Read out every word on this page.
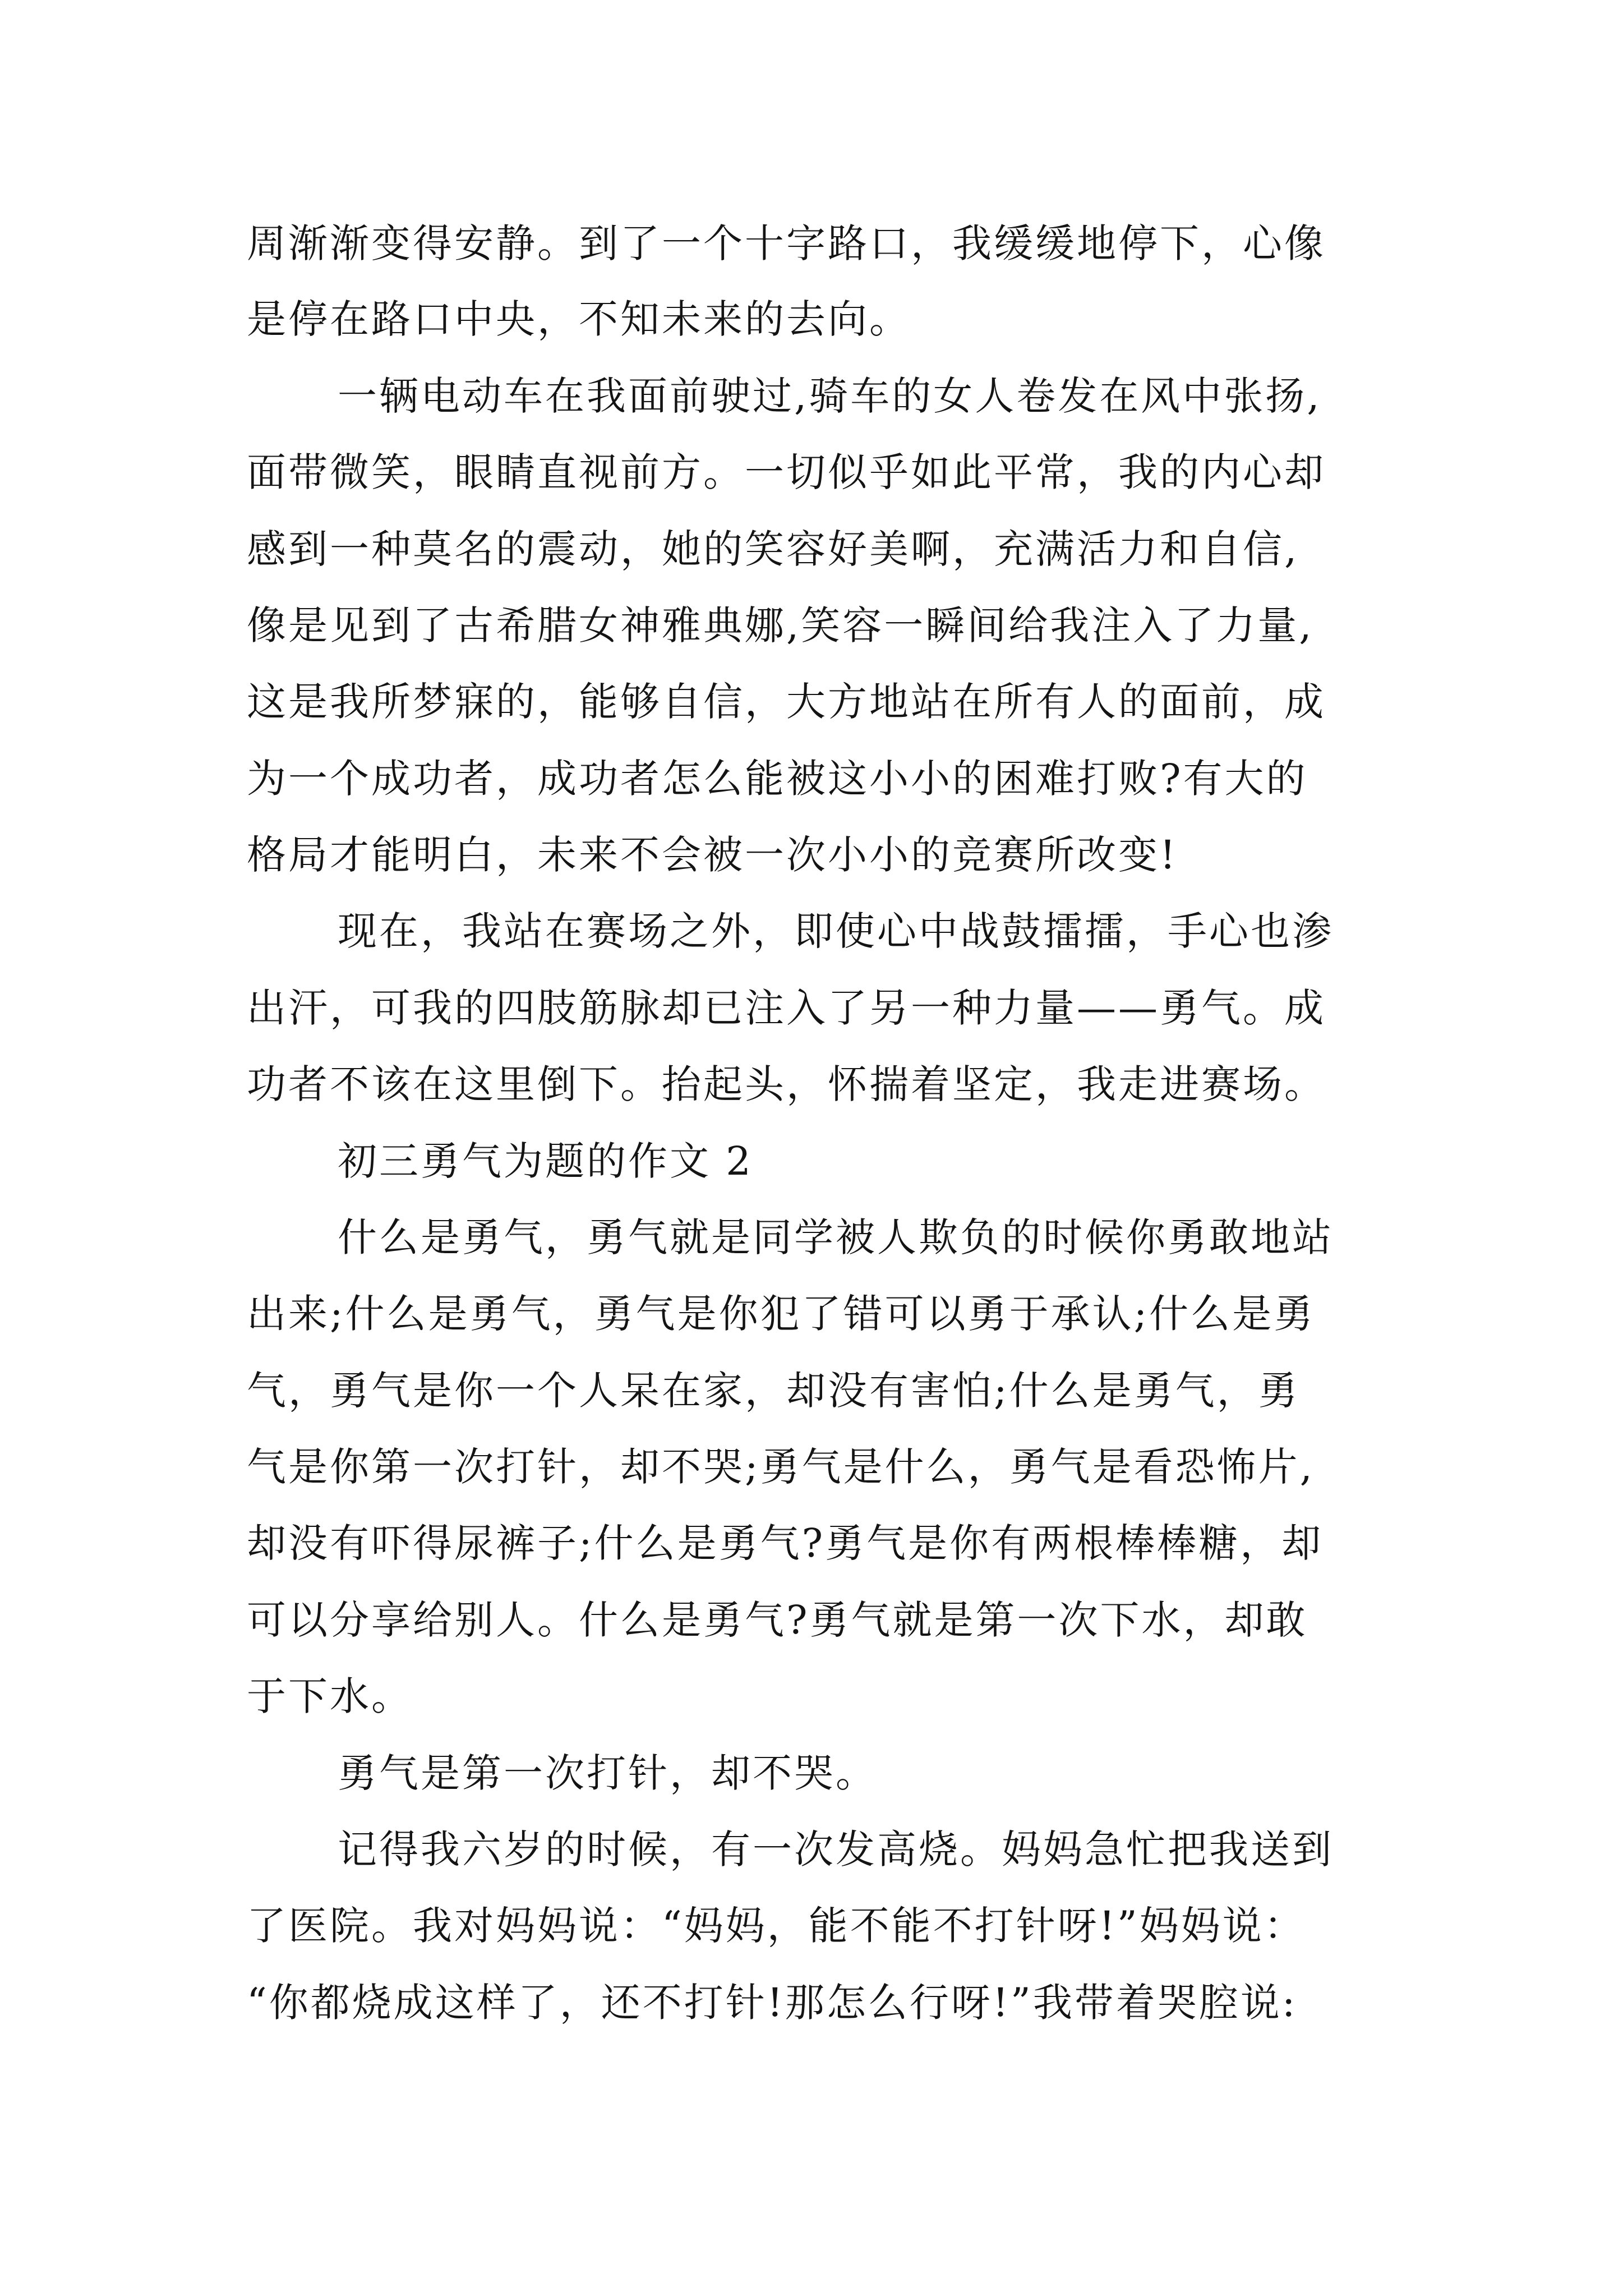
周渐渐变得安静。到了一个十字路口，我缓缓地停下，心像
是停在路口中央，不知未来的去向。
一辆电动车在我面前驶过,骑车的女人卷发在风中张扬,
面带微笑，眼睛直视前方。一切似乎如此平常，我的内心却
感到一种莫名的震动，她的笑容好美啊，充满活力和自信,
像是见到了古希腊女神雅典娜,笑容一瞬间给我注入了力量,
这是我所梦寐的，能够自信，大方地站在所有人的面前，成
为一个成功者，成功者怎么能被这小小的困难打败?有大的
格局才能明白，未来不会被一次小小的竞赛所改变!
现在，我站在赛场之外，即使心中战鼓擂擂，手心也渗
出汗，可我的四肢筋脉却已注入了另一种力量——勇气。成
功者不该在这里倒下。抬起头，怀揣着坚定，我走进赛场。
初三勇气为题的作文 2
什么是勇气，勇气就是同学被人欺负的时候你勇敢地站
出来;什么是勇气，勇气是你犯了错可以勇于承认;什么是勇
气，勇气是你一个人呆在家，却没有害怕;什么是勇气，勇
气是你第一次打针，却不哭;勇气是什么，勇气是看恐怖片,
却没有吓得尿裤子;什么是勇气?勇气是你有两根棒棒糖，却
可以分享给别人。什么是勇气?勇气就是第一次下水，却敢
于下水。
勇气是第一次打针，却不哭。
记得我六岁的时候，有一次发高烧。妈妈急忙把我送到
了医院。我对妈妈说：“妈妈，能不能不打针呀!”妈妈说：
“你都烧成这样了，还不打针!那怎么行呀!”我带着哭腔说:
